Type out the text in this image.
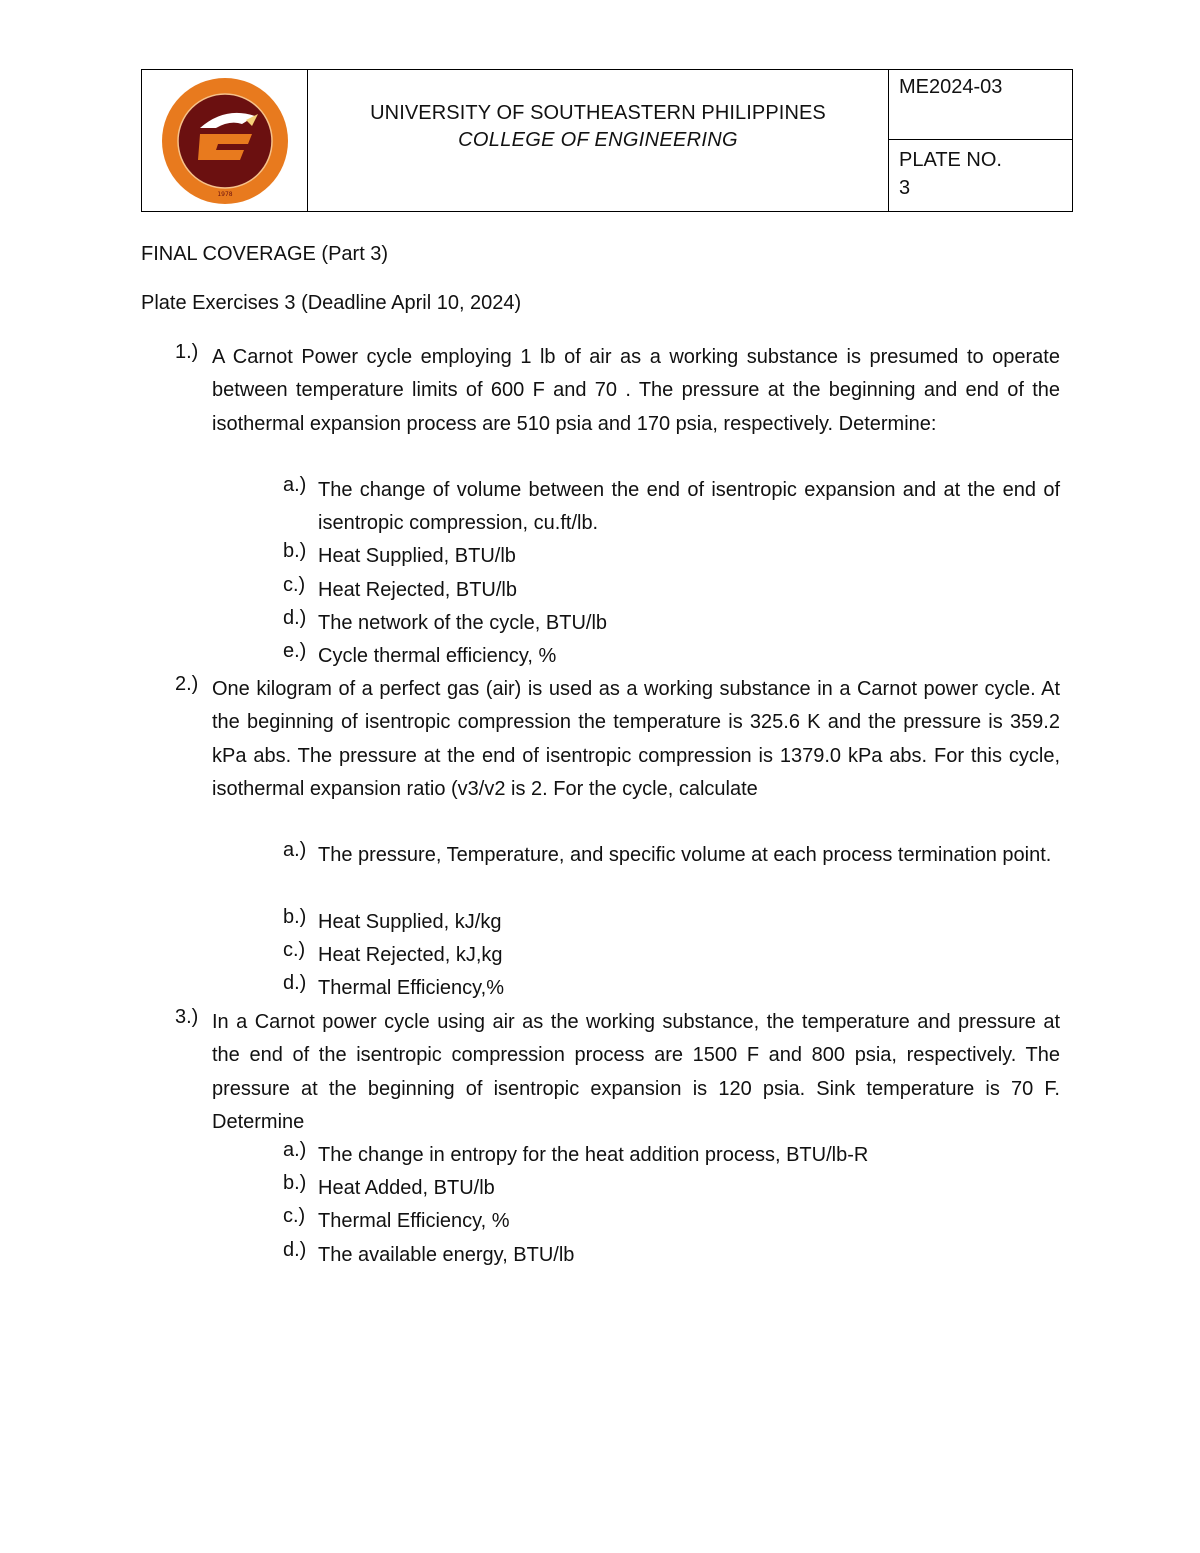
1978

UNIVERSITY OF SOUTHEASTERN PHILIPPINES
COLLEGE OF ENGINEERING

ME2024-03
PLATE NO.
3
FINAL COVERAGE (Part 3)
Plate Exercises 3 (Deadline April 10, 2024)
1.) A Carnot Power cycle employing 1 lb of air as a working substance is presumed to operate between temperature limits of 600 F and 70 . The pressure at the beginning and end of the isothermal expansion process are 510 psia and 170 psia, respectively. Determine:
a.) The change of volume between the end of isentropic expansion and at the end of isentropic compression, cu.ft/lb.
b.) Heat Supplied, BTU/lb
c.) Heat Rejected, BTU/lb
d.) The network of the cycle, BTU/lb
e.) Cycle thermal efficiency, %
2.) One kilogram of a perfect gas (air) is used as a working substance in a Carnot power cycle. At the beginning of isentropic compression the temperature is 325.6 K and the pressure is 359.2 kPa abs. The pressure at the end of isentropic compression is 1379.0 kPa abs. For this cycle, isothermal expansion ratio (v3/v2 is 2. For the cycle, calculate
a.) The pressure, Temperature, and specific volume at each process termination point.
b.) Heat Supplied, kJ/kg
c.) Heat Rejected, kJ,kg
d.) Thermal Efficiency,%
3.) In a Carnot power cycle using air as the working substance, the temperature and pressure at the end of the isentropic compression process are 1500 F and 800 psia, respectively. The pressure at the beginning of isentropic expansion is 120 psia. Sink temperature is 70 F. Determine
a.) The change in entropy for the heat addition process, BTU/lb-R
b.) Heat Added, BTU/lb
c.) Thermal Efficiency, %
d.) The available energy, BTU/lb
